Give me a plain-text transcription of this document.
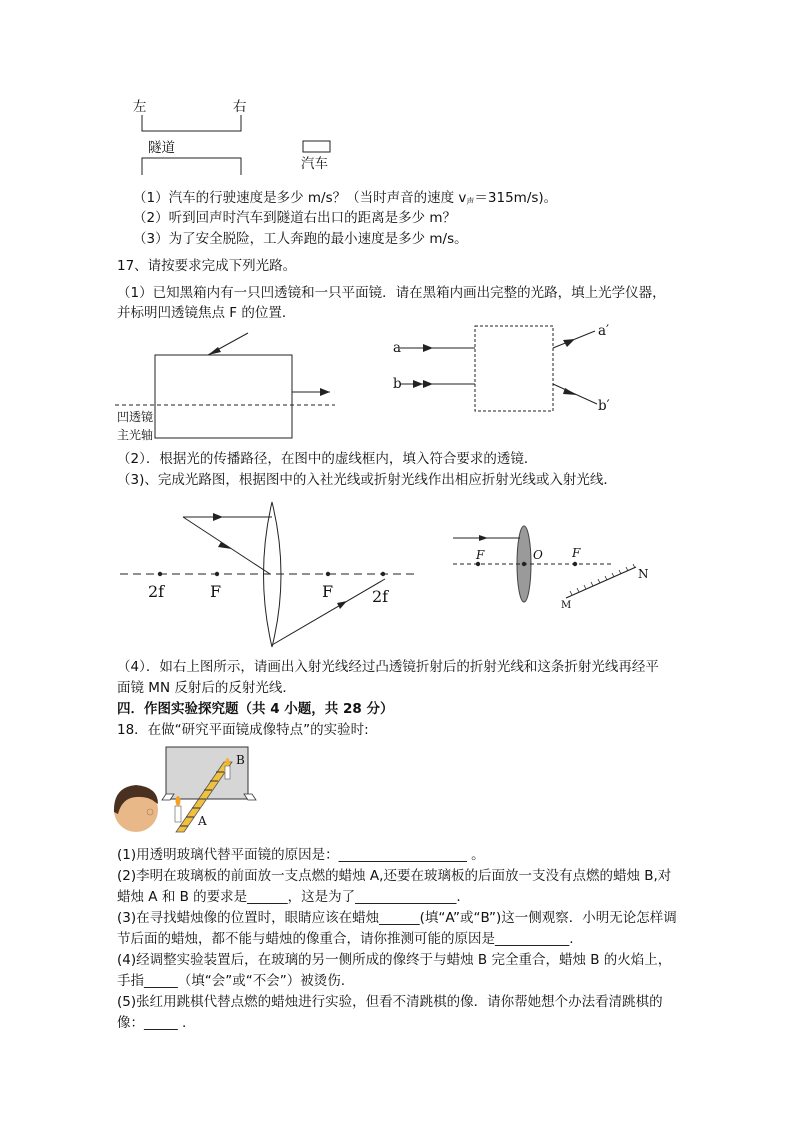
左	右
隧道
汽车
（1）汽车的行驶速度是多少 m/s？（当时声音的速度 $v_声=315m/s$)。
（2）听到回声时汽车到隧道右出口的距离是多少 m？
（3）为了安全脱险，工人奔跑的最小速度是多少 m/s。
17、请按要求完成下列光路。
（1）已知黑箱内有一只凹透镜和一只平面镜．请在黑箱内画出完整的光路，填上光学仪器，
并标明凹透镜焦点 F 的位置．
凹透镜
主光轴
a
b
a′
b′
（2）．根据光的传播路径，在图中的虚线框内，填入符合要求的透镜．
（3)、完成光路图，根据图中的入社光线或折射光线作出相应折射光线或入射光线．
2f	F	F 2f
F	O F
N
M
（4）．如右上图所示，请画出入射光线经过凸透镜折射后的折射光线和这条折射光线再经平
面镜 MN 反射后的反射光线．
四．作图实验探究题（共 4 小题，共 28 分）
18．在做“研究平面镜成像特点”的实验时:
B
A
(1)用透明玻璃代替平面镜的原因是：___________________ 。
(2)李明在玻璃板的前面放一支点燃的蜡烛 A,还要在玻璃板的后面放一支没有点燃的蜡烛 B,对
蜡烛 A 和 B 的要求是______，这是为了_______________.
(3)在寻找蜡烛像的位置时，眼睛应该在蜡烛______(填“A”或“B”)这一侧观察．小明无论怎样调
节后面的蜡烛，都不能与蜡烛的像重合，请你推测可能的原因是___________.
(4)经调整实验装置后，在玻璃的另一侧所成的像终于与蜡烛 B 完全重合，蜡烛 B 的火焰上，
手指_____（填“会”或“不会”）被烫伤.
(5)张红用跳棋代替点燃的蜡烛进行实验，但看不清跳棋的像．请你帮她想个办法看清跳棋的
像：_____ .
